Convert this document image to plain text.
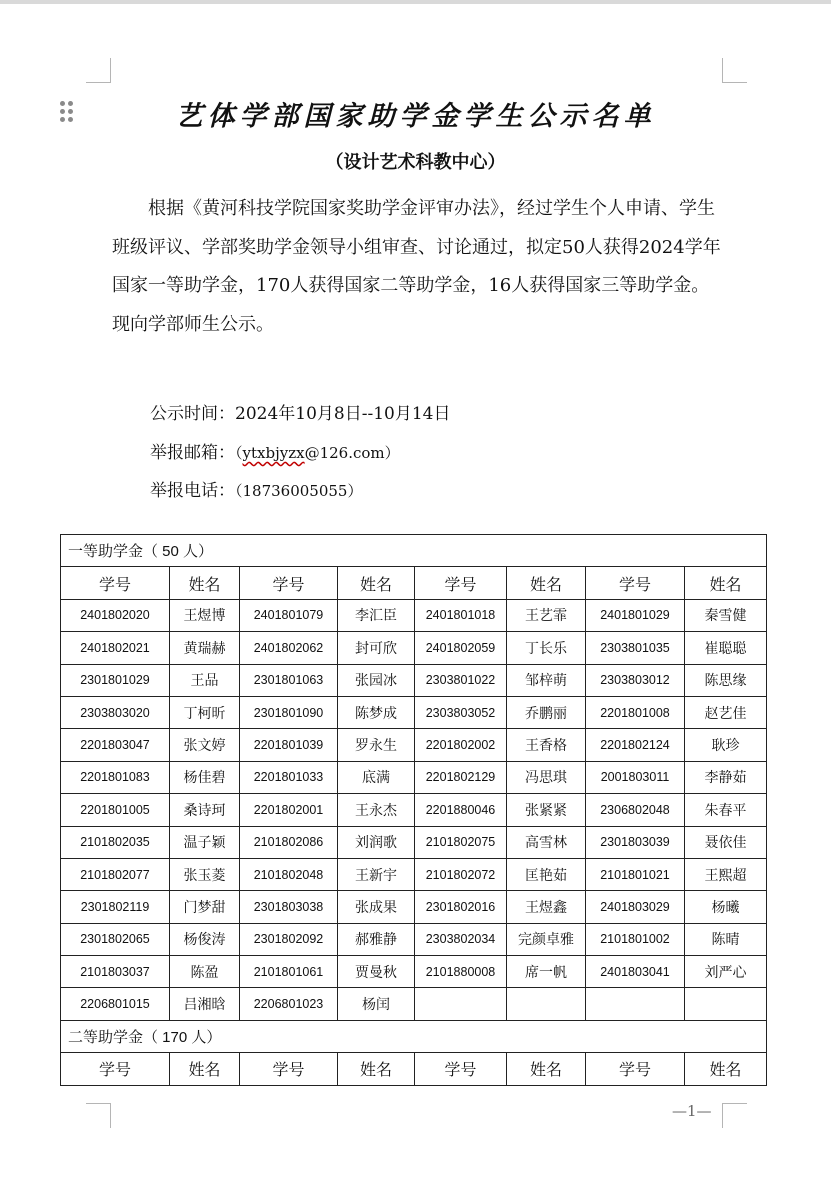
艺体学部国家助学金学生公示名单
（设计艺术科教中心）

根据《黄河科技学院国家奖助学金评审办法》，经过学生个人申请、学生班级评议、学部奖助学金领导小组审查、讨论通过，拟定50人获得2024学年国家一等助学金，170人获得国家二等助学金，16人获得国家三等助学金。现向学部师生公示。

公示时间：2024年10月8日--10月14日
举报邮箱：（ytxbjyzx@126.com）
举报电话：（18736005055）
一等助学金（ 50 人）							
学号	姓名	学号	姓名	学号	姓名	学号	姓名
2401802020	王煜博	2401801079	李汇臣	2401801018	王艺霏	2401801029	秦雪健
2401802021	黄瑞赫	2401802062	封可欣	2401802059	丁长乐	2303801035	崔聪聪
2301801029	王品	2301801063	张园冰	2303801022	邹梓萌	2303803012	陈思缘
2303803020	丁柯昕	2301801090	陈梦成	2303803052	乔鹏丽	2201801008	赵艺佳
2201803047	张文婷	2201801039	罗永生	2201802002	王香格	2201802124	耿珍
2201801083	杨佳碧	2201801033	底满	2201802129	冯思琪	2001803011	李静茹
2201801005	桑诗珂	2201802001	王永杰	2201880046	张紧紧	2306802048	朱春平
2101802035	温子颖	2101802086	刘润歌	2101802075	高雪林	2301803039	聂依佳
2101802077	张玉菱	2101802048	王新宇	2101802072	匡艳茹	2101801021	王熙超
2301802119	门梦甜	2301803038	张成果	2301802016	王煜鑫	2401803029	杨曦
2301802065	杨俊涛	2301802092	郝雅静	2303802034	完颜卓雅	2101801002	陈晴
2101803037	陈盈	2101801061	贾曼秋	2101880008	席一帆	2401803041	刘严心
2206801015	吕湘晗	2206801023	杨闰				
二等助学金（ 170 人）							
学号	姓名	学号	姓名	学号	姓名	学号	姓名
—1—
